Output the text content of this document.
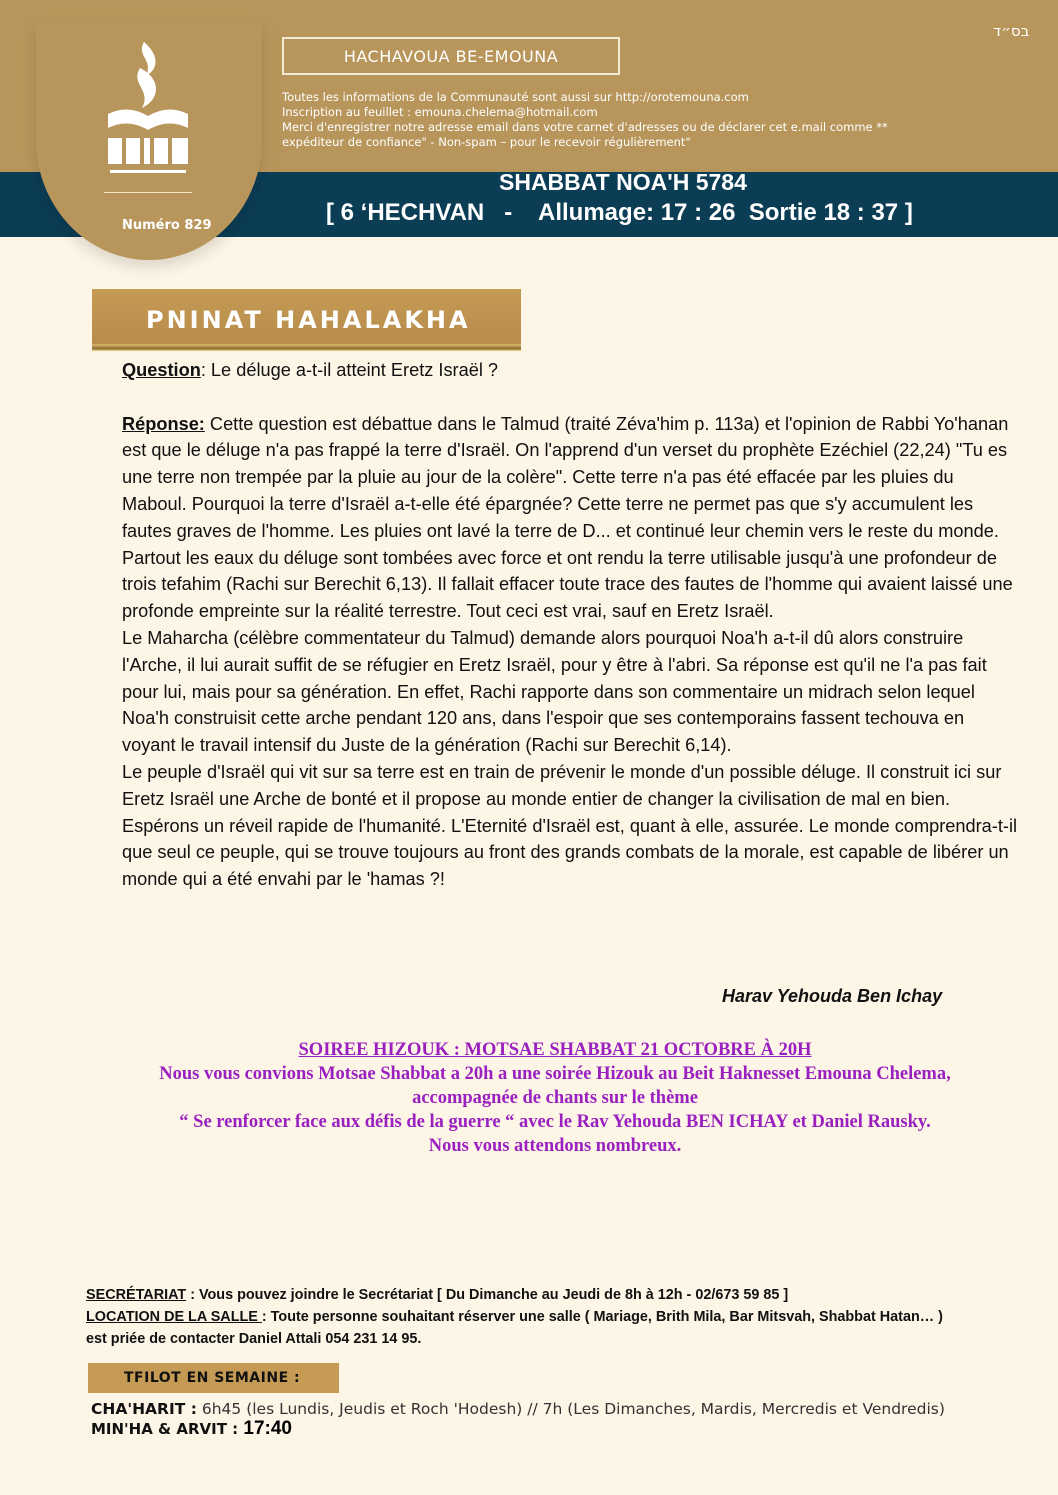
Numéro 829
בס״ד
HACHAVOUA BE-EMOUNA
Toutes les informations de la Communauté sont aussi sur http://orotemouna.com
Inscription au feuillet : emouna.chelema@hotmail.com
Merci d'enregistrer notre adresse email dans votre carnet d'adresses ou de déclarer cet e.mail comme **
expéditeur de confiance" - Non-spam – pour le recevoir régulièrement"
SHABBAT NOA'H 5784
[ 6 ‘HECHVAN   -    Allumage: 17 : 26  Sortie 18 : 37 ]
PNINAT HAHALAKHA

Question: Le déluge a-t-il atteint Eretz Israël ?

Réponse: Cette question est débattue dans le Talmud (traité Zéva'him p. 113a) et l'opinion de Rabbi Yo'hanan est que le déluge n'a pas frappé la terre d'Israël. On l'apprend d'un verset du prophète Ezéchiel (22,24) "Tu es une terre non trempée par la pluie au jour de la colère". Cette terre n'a pas été effacée par les pluies du Maboul. Pourquoi la terre d'Israël a-t-elle été épargnée? Cette terre ne permet pas que s'y accumulent les fautes graves de l'homme. Les pluies ont lavé la terre de D... et continué leur chemin vers le reste du monde. Partout les eaux du déluge sont tombées avec force et ont rendu la terre utilisable jusqu'à une profondeur de trois tefahim (Rachi sur Berechit 6,13). Il fallait effacer toute trace des fautes de l'homme qui avaient laissé une profonde empreinte sur la réalité terrestre. Tout ceci est vrai, sauf en Eretz Israël.

Le Maharcha (célèbre commentateur du Talmud) demande alors pourquoi Noa'h a-t-il dû alors construire l'Arche, il lui aurait suffit de se réfugier en Eretz Israël, pour y être à l'abri. Sa réponse est qu'il ne l'a pas fait pour lui, mais pour sa génération. En effet, Rachi rapporte dans son commentaire un midrach selon lequel Noa'h construisit cette arche pendant 120 ans, dans l'espoir que ses contemporains fassent techouva en voyant le travail intensif du Juste de la génération (Rachi sur Berechit 6,14).

Le peuple d'Israël qui vit sur sa terre est en train de prévenir le monde d'un possible déluge. Il construit ici sur Eretz Israël une Arche de bonté et il propose au monde entier de changer la civilisation de mal en bien.

Espérons un réveil rapide de l'humanité. L'Eternité d'Israël est, quant à elle, assurée. Le monde comprendra-t-il que seul ce peuple, qui se trouve toujours au front des grands combats de la morale, est capable de libérer un monde qui a été envahi par le 'hamas ?!

Harav Yehouda Ben Ichay
SOIREE HIZOUK : MOTSAE SHABBAT 21 OCTOBRE À 20H
Nous vous convions Motsae Shabbat a 20h a une soirée Hizouk au Beit Haknesset Emouna Chelema,
accompagnée de chants sur le thème
“ Se renforcer face aux défis de la guerre “ avec le Rav Yehouda BEN ICHAY et Daniel Rausky.
Nous vous attendons nombreux.
SECRÉTARIAT : Vous pouvez joindre le Secrétariat [ Du Dimanche au Jeudi de 8h à 12h - 02/673 59 85 ]
LOCATION DE LA SALLE : Toute personne souhaitant réserver une salle ( Mariage, Brith Mila, Bar Mitsvah, Shabbat Hatan… )
est priée de contacter Daniel Attali 054 231 14 95.
TFILOT EN SEMAINE :
CHA'HARIT : 6h45 (les Lundis, Jeudis et Roch 'Hodesh) // 7h (Les Dimanches, Mardis, Mercredis et Vendredis)
MIN'HA & ARVIT : 17:40
